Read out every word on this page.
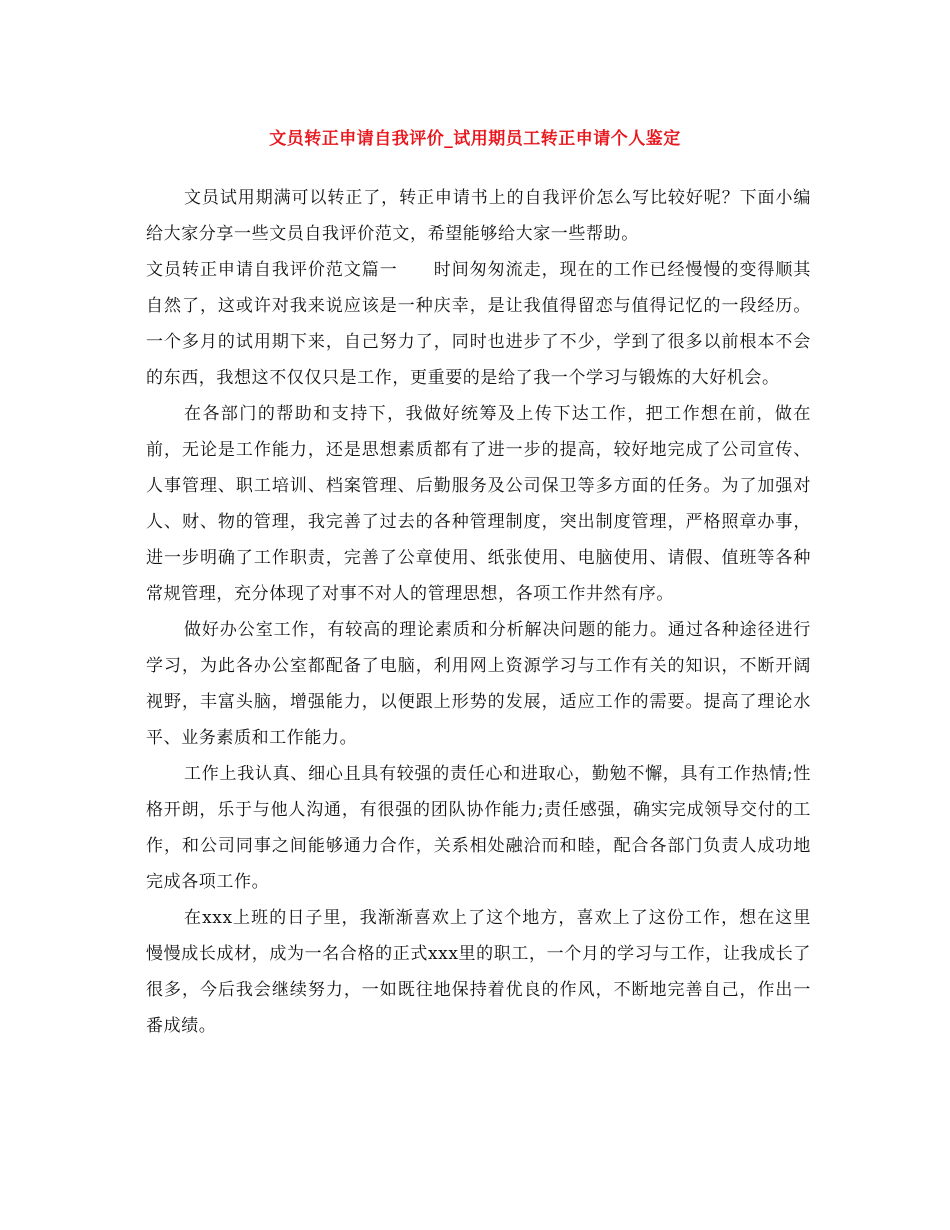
文员转正申请自我评价_试用期员工转正申请个人鉴定

文员试用期满可以转正了，转正申请书上的自我评价怎么写比较好呢？下面小编给大家分享一些文员自我评价范文，希望能够给大家一些帮助。

文员转正申请自我评价范文篇一　　时间匆匆流走，现在的工作已经慢慢的变得顺其自然了，这或许对我来说应该是一种庆幸，是让我值得留恋与值得记忆的一段经历。 一个多月的试用期下来，自己努力了，同时也进步了不少，学到了很多以前根本不会的东西，我想这不仅仅只是工作，更重要的是给了我一个学习与锻炼的大好机会。

在各部门的帮助和支持下，我做好统筹及上传下达工作，把工作想在前，做在前，无论是工作能力，还是思想素质都有了进一步的提高，较好地完成了公司宣传、人事管理、职工培训、档案管理、后勤服务及公司保卫等多方面的任务。为了加强对人、财、物的管理，我完善了过去的各种管理制度，突出制度管理，严格照章办事，进一步明确了工作职责，完善了公章使用、纸张使用、电脑使用、请假、值班等各种常规管理，充分体现了对事不对人的管理思想，各项工作井然有序。

做好办公室工作，有较高的理论素质和分析解决问题的能力。通过各种途径进行学习，为此各办公室都配备了电脑，利用网上资源学习与工作有关的知识，不断开阔视野，丰富头脑，增强能力，以便跟上形势的发展，适应工作的需要。提高了理论水平、业务素质和工作能力。

工作上我认真、细心且具有较强的责任心和进取心，勤勉不懈，具有工作热情;性格开朗，乐于与他人沟通，有很强的团队协作能力;责任感强，确实完成领导交付的工作，和公司同事之间能够通力合作，关系相处融洽而和睦，配合各部门负责人成功地完成各项工作。

在xxx上班的日子里，我渐渐喜欢上了这个地方，喜欢上了这份工作，想在这里慢慢成长成材，成为一名合格的正式xxx里的职工，一个月的学习与工作，让我成长了很多，今后我会继续努力，一如既往地保持着优良的作风，不断地完善自己，作出一番成绩。
